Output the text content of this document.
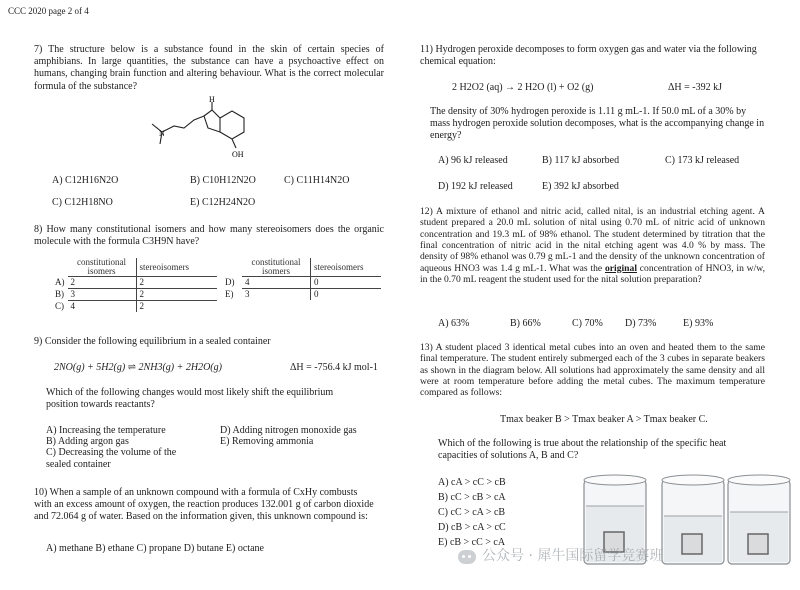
CCC 2020 page 2 of 4
7) The structure below is a substance found in the skin of certain species of amphibians. In large quantities, the substance can have a psychoactive effect on humans, changing brain function and altering behaviour. What is the correct molecular formula of the substance?
H
N
OH
A) C12H16N2O	B) C10H12N2O	C) C11H14N2O
C) C12H18NO	E) C12H24N2O
8) How many constitutional isomers and how many stereoisomers does the organic molecule with the formula C3H9N have?
	constitutional isomers	stereoisomers
A)	2	2
B)	3	2
C)	4	2
	constitutional isomers	stereoisomers
D)	4	0
E)	3	0
9) Consider the following equilibrium in a sealed container
2NO(g) + 5H2(g) ⇌ 2NH3(g) + 2H2O(g)	ΔH = -756.4 kJ mol-1
Which of the following changes would most likely shift the equilibrium position towards reactants?
A) Increasing the temperature
B) Adding argon gas
C) Decreasing the volume of the sealed container
D) Adding nitrogen monoxide gas
E) Removing ammonia
10) When a sample of an unknown compound with a formula of CxHy combusts with an excess amount of oxygen, the reaction produces 132.001 g of carbon dioxide and 72.064 g of water. Based on the information given, this unknown compound is:
A) methane B) ethane C) propane D) butane E) octane
11) Hydrogen peroxide decomposes to form oxygen gas and water via the following chemical equation:
2 H2O2 (aq) → 2 H2O (l) + O2 (g)	ΔH = -392 kJ
The density of 30% hydrogen peroxide is 1.11 g mL-1. If 50.0 mL of a 30% by mass hydrogen peroxide solution decomposes, what is the accompanying change in energy?
A) 96 kJ released	B) 117 kJ absorbed	C) 173 kJ released
D) 192 kJ released	E) 392 kJ absorbed
12) A mixture of ethanol and nitric acid, called nital, is an industrial etching agent. A student prepared a 20.0 mL solution of nital using 0.70 mL of nitric acid of unknown concentration and 19.3 mL of 98% ethanol. The student determined by titration that the final concentration of nitric acid in the nital etching agent was 4.0 % by mass. The density of 98% ethanol was 0.79 g mL-1 and the density of the unknown concentration of aqueous HNO3 was 1.4 g mL-1. What was the original concentration of HNO3, in w/w, in the 0.70 mL reagent the student used for the nital solution preparation?
A) 63%	B) 66%	C) 70% D) 73%	E) 93%
13) A student placed 3 identical metal cubes into an oven and heated them to the same final temperature. The student entirely submerged each of the 3 cubes in separate beakers as shown in the diagram below. All solutions had approximately the same density and all were at room temperature before adding the metal cubes. The maximum temperature compared as follows:
Tmax beaker B > Tmax beaker A > Tmax beaker C.
Which of the following is true about the relationship of the specific heat capacities of solutions A, B and C?
A) cA > cC > cB
B) cC > cB > cA
C) cC > cA > cB
D) cB > cA > cC
E) cB > cC > cA
公众号 · 犀牛国际留学竞赛班
